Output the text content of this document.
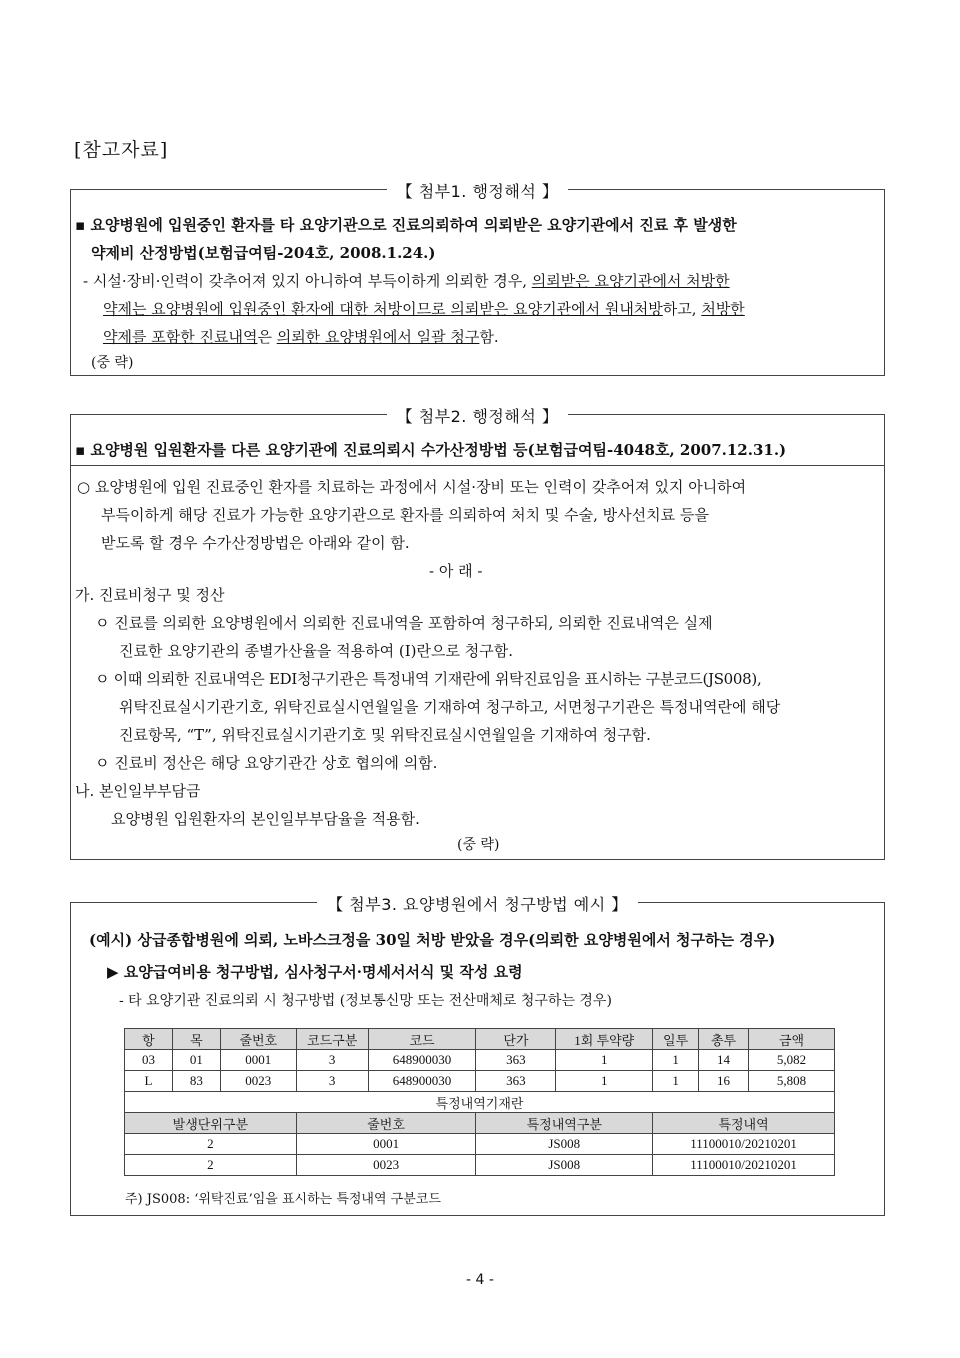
[참고자료]
【 첨부1. 행정해석 】
▪ 요양병원에 입원중인 환자를 타 요양기관으로 진료의뢰하여 의뢰받은 요양기관에서 진료 후 발생한
약제비 산정방법(보험급여팀-204호, 2008.1.24.)
- 시설·장비·인력이 갖추어져 있지 아니하여 부득이하게 의뢰한 경우, 의뢰받은 요양기관에서 처방한
약제는 요양병원에 입원중인 환자에 대한 처방이므로 의뢰받은 요양기관에서 원내처방하고, 처방한
약제를 포함한 진료내역은 의뢰한 요양병원에서 일괄 청구함.
(중 략)
【 첨부2. 행정해석 】
▪ 요양병원 입원환자를 다른 요양기관에 진료의뢰시 수가산정방법 등(보험급여팀-4048호, 2007.12.31.)
○ 요양병원에 입원 진료중인 환자를 치료하는 과정에서 시설·장비 또는 인력이 갖추어져 있지 아니하여
부득이하게 해당 진료가 가능한 요양기관으로 환자를 의뢰하여 처치 및 수술, 방사선치료 등을
받도록 할 경우 수가산정방법은 아래와 같이 함.
- 아 래 -
가. 진료비청구 및 정산
ㅇ 진료를 의뢰한 요양병원에서 의뢰한 진료내역을 포함하여 청구하되, 의뢰한 진료내역은 실제
진료한 요양기관의 종별가산율을 적용하여 (Ⅰ)란으로 청구함.
ㅇ 이때 의뢰한 진료내역은 EDI청구기관은 특정내역 기재란에 위탁진료임을 표시하는 구분코드(JS008),
위탁진료실시기관기호, 위탁진료실시연월일을 기재하여 청구하고, 서면청구기관은 특정내역란에 해당
진료항목, “T”, 위탁진료실시기관기호 및 위탁진료실시연월일을 기재하여 청구함.
ㅇ 진료비 정산은 해당 요양기관간 상호 협의에 의함.
나. 본인일부부담금
요양병원 입원환자의 본인일부부담율을 적용함.
(중 략)
【 첨부3. 요양병원에서 청구방법 예시 】
(예시) 상급종합병원에 의뢰, 노바스크정을 30일 처방 받았을 경우(의뢰한 요양병원에서 청구하는 경우)
▶ 요양급여비용 청구방법, 심사청구서·명세서서식 및 작성 요령
- 타 요양기관 진료의뢰 시 청구방법 (정보통신망 또는 전산매체로 청구하는 경우)
항	목	줄번호	코드구분	코드	단가	1회 투약량	일투	총투	금액
03	01	0001	3	648900030	363	1	1	14	5,082
L	83	0023	3	648900030	363	1	1	16	5,808
특정내역기재란									
발생단위구분			줄번호		특정내역구분		특정내역		
2			0001		JS008		11100010/20210201		
2			0023		JS008		11100010/20210201		
주) JS008: ‘위탁진료’임을 표시하는 특정내역 구분코드
- 4 -
